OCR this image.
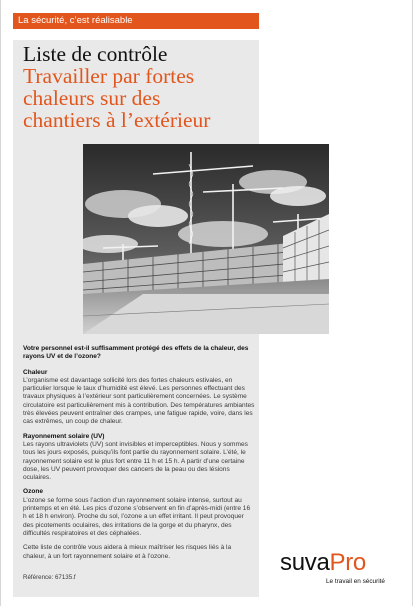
La sécurité, c’est réalisable
Liste de contrôle
Travailler par fortes
chaleurs sur des
chantiers à l’extérieur
Votre personnel est-il suffisamment protégé des effets de la chaleur, des rayons UV et de l’ozone?
Chaleur

L’organisme est davantage sollicité lors des fortes chaleurs estivales, en particulier lorsque le taux d’humidité est élevé. Les personnes effectuant des travaux physiques à l’extérieur sont particulièrement concernées. Le système circulatoire est particulièrement mis à contribution. Des températures ambiantes très élevées peuvent entraîner des crampes, une fatigue rapide, voire, dans les cas extrêmes, un coup de chaleur.

Rayonnement solaire (UV)

Les rayons ultraviolets (UV) sont invisibles et imperceptibles. Nous y sommes tous les jours exposés, puisqu’ils font partie du rayonnement solaire. L’été, le rayonnement solaire est le plus fort entre 11 h et 15 h. A partir d’une certaine dose, les UV peuvent provoquer des cancers de la peau ou des lésions oculaires.

Ozone

L’ozone se forme sous l’action d’un rayonnement solaire intense, surtout au printemps et en été. Les pics d’ozone s’observent en fin d’après-midi (entre 16 h et 18 h environ). Proche du sol, l’ozone a un effet irritant. Il peut provoquer des picotements oculaires, des irritations de la gorge et du pharynx, des difficultés respiratoires et des céphalées.

Cette liste de contrôle vous aidera à mieux maîtriser les risques liés à la chaleur, à un fort rayonnement solaire et à l’ozone.

Référence: 67135.f
suvaPro
Le travail en sécurité
